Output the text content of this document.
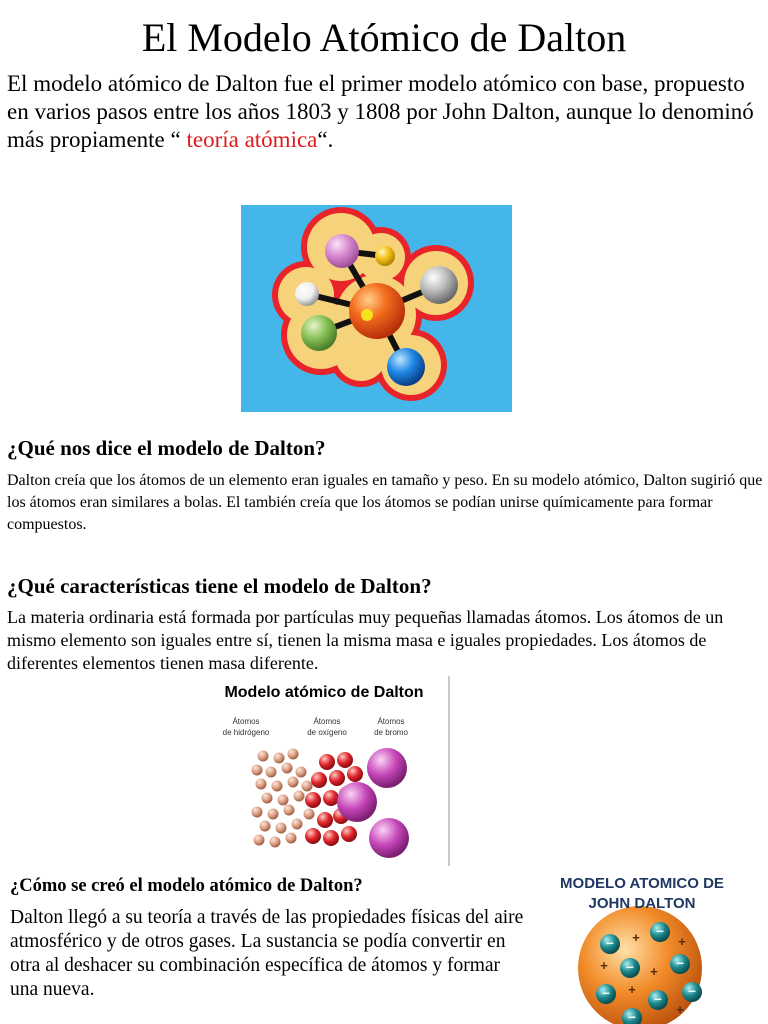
El Modelo Atómico de Dalton

El modelo atómico de Dalton fue el primer modelo atómico con base, propuesto en varios pasos entre los años 1803 y 1808 por John Dalton, aunque lo denominó más propiamente “ teoría atómica“.

¿Qué nos dice el modelo de Dalton?

Dalton creía que los átomos de un elemento eran iguales en tamaño y peso. En su modelo atómico, Dalton sugirió que los átomos eran similares a bolas. El también creía que los átomos se podían unirse químicamente para formar compuestos.

¿Qué características tiene el modelo de Dalton?

La materia ordinaria está formada por partículas muy pequeñas llamadas átomos. Los átomos de un mismo elemento son iguales entre sí, tienen la misma masa e iguales propiedades. Los átomos de diferentes elementos tienen masa diferente.

Modelo atómico de Dalton
Átomos
de hidrógeno
Átomos
de oxígeno
Átomos
de bromo
¿Cómo se creó el modelo atómico de Dalton?

Dalton llegó a su teoría a través de las propiedades físicas del aire atmosférico y de otros gases. La sustancia se podía convertir en otra al deshacer su combinación específica de átomos y formar una nueva.

−
−
−	−
−	−
−
−
+	+
+
+
+
+
MODELO ATOMICO DE
JOHN DALTON
